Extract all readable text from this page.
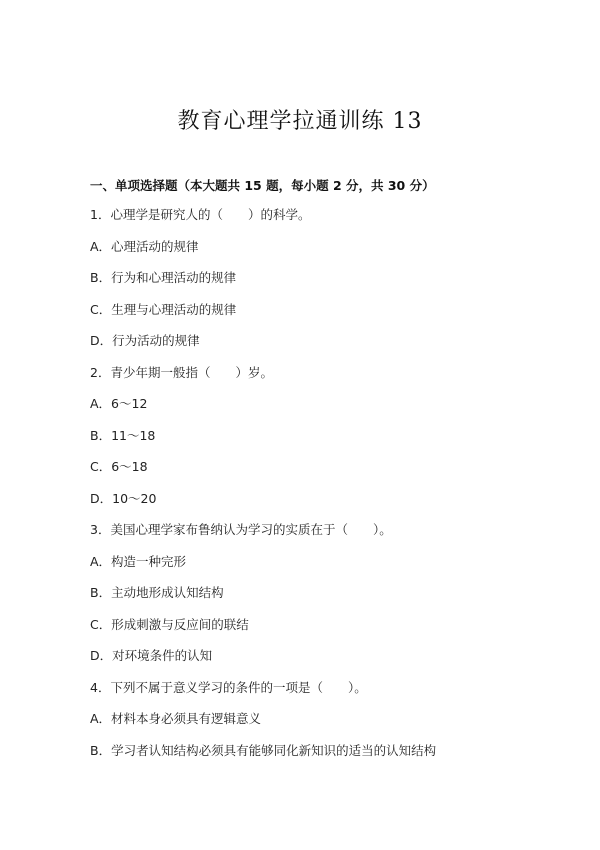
教育心理学拉通训练 13
一、单项选择题（本大题共 15 题，每小题 2 分，共 30 分）
1．心理学是研究人的（　　）的科学。
A．心理活动的规律
B．行为和心理活动的规律
C．生理与心理活动的规律
D．行为活动的规律
2．青少年期一般指（　　）岁。
A．6～12
B．11～18
C．6～18
D．10～20
3．美国心理学家布鲁纳认为学习的实质在于（　　）。
A．构造一种完形
B．主动地形成认知结构
C．形成刺激与反应间的联结
D．对环境条件的认知
4．下列不属于意义学习的条件的一项是（　　）。
A．材料本身必须具有逻辑意义
B．学习者认知结构必须具有能够同化新知识的适当的认知结构
